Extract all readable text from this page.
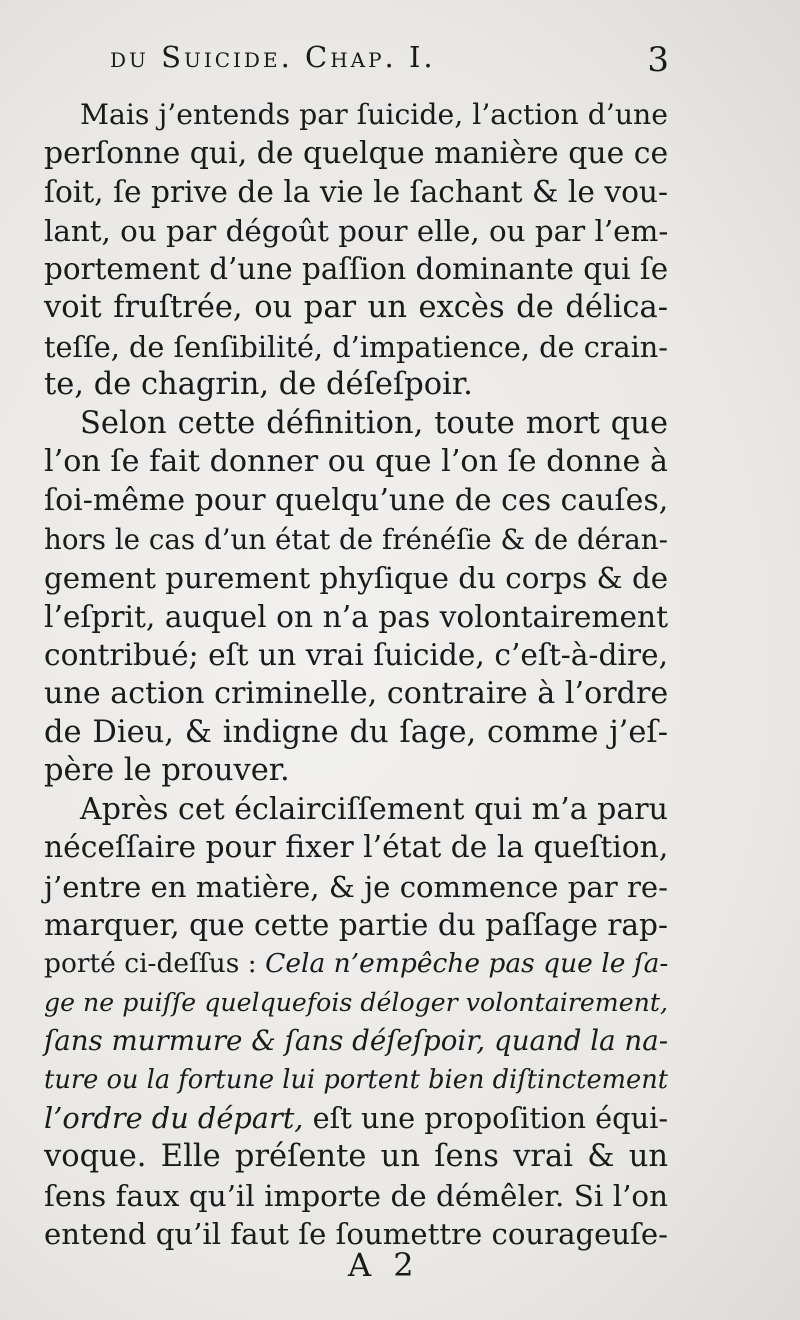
du Suicide. Chap. I.	3
Mais j’entends par ſuicide, l’action d’une
perſonne qui, de quelque manière que ce
ſoit, ſe prive de la vie le ſachant & le vou-
lant, ou par dégoût pour elle, ou par l’em-
portement d’une paſſion dominante qui ſe
voit fruſtrée, ou par un excès de délica-
teſſe, de ſenſibilité, d’impatience, de crain-
te, de chagrin, de déſeſpoir.
Selon cette définition, toute mort que
l’on ſe fait donner ou que l’on ſe donne à
ſoi-même pour quelqu’une de ces cauſes,
hors le cas d’un état de frénéſie & de déran-
gement purement phyſique du corps & de
l’eſprit, auquel on n’a pas volontairement
contribué; eſt un vrai ſuicide, c’eſt-à-dire,
une action criminelle, contraire à l’ordre
de Dieu, & indigne du ſage, comme j’eſ-
père le prouver.
Après cet éclairciſſement qui m’a paru
néceſſaire pour fixer l’état de la queſtion,
j’entre en matière, & je commence par re-
marquer, que cette partie du paſſage rap-
porté ci-deſſus : Cela n’empêche pas que le ſa-
ge ne puiſſe quelquefois déloger volontairement,
ſans murmure & ſans déſeſpoir, quand la na-
ture ou la fortune lui portent bien diſtinctement
l’ordre du départ, eſt une propoſition équi-
voque. Elle préſente un ſens vrai & un
ſens faux qu’il importe de démêler. Si l’on
entend qu’il faut ſe ſoumettre courageuſe-
A 2
